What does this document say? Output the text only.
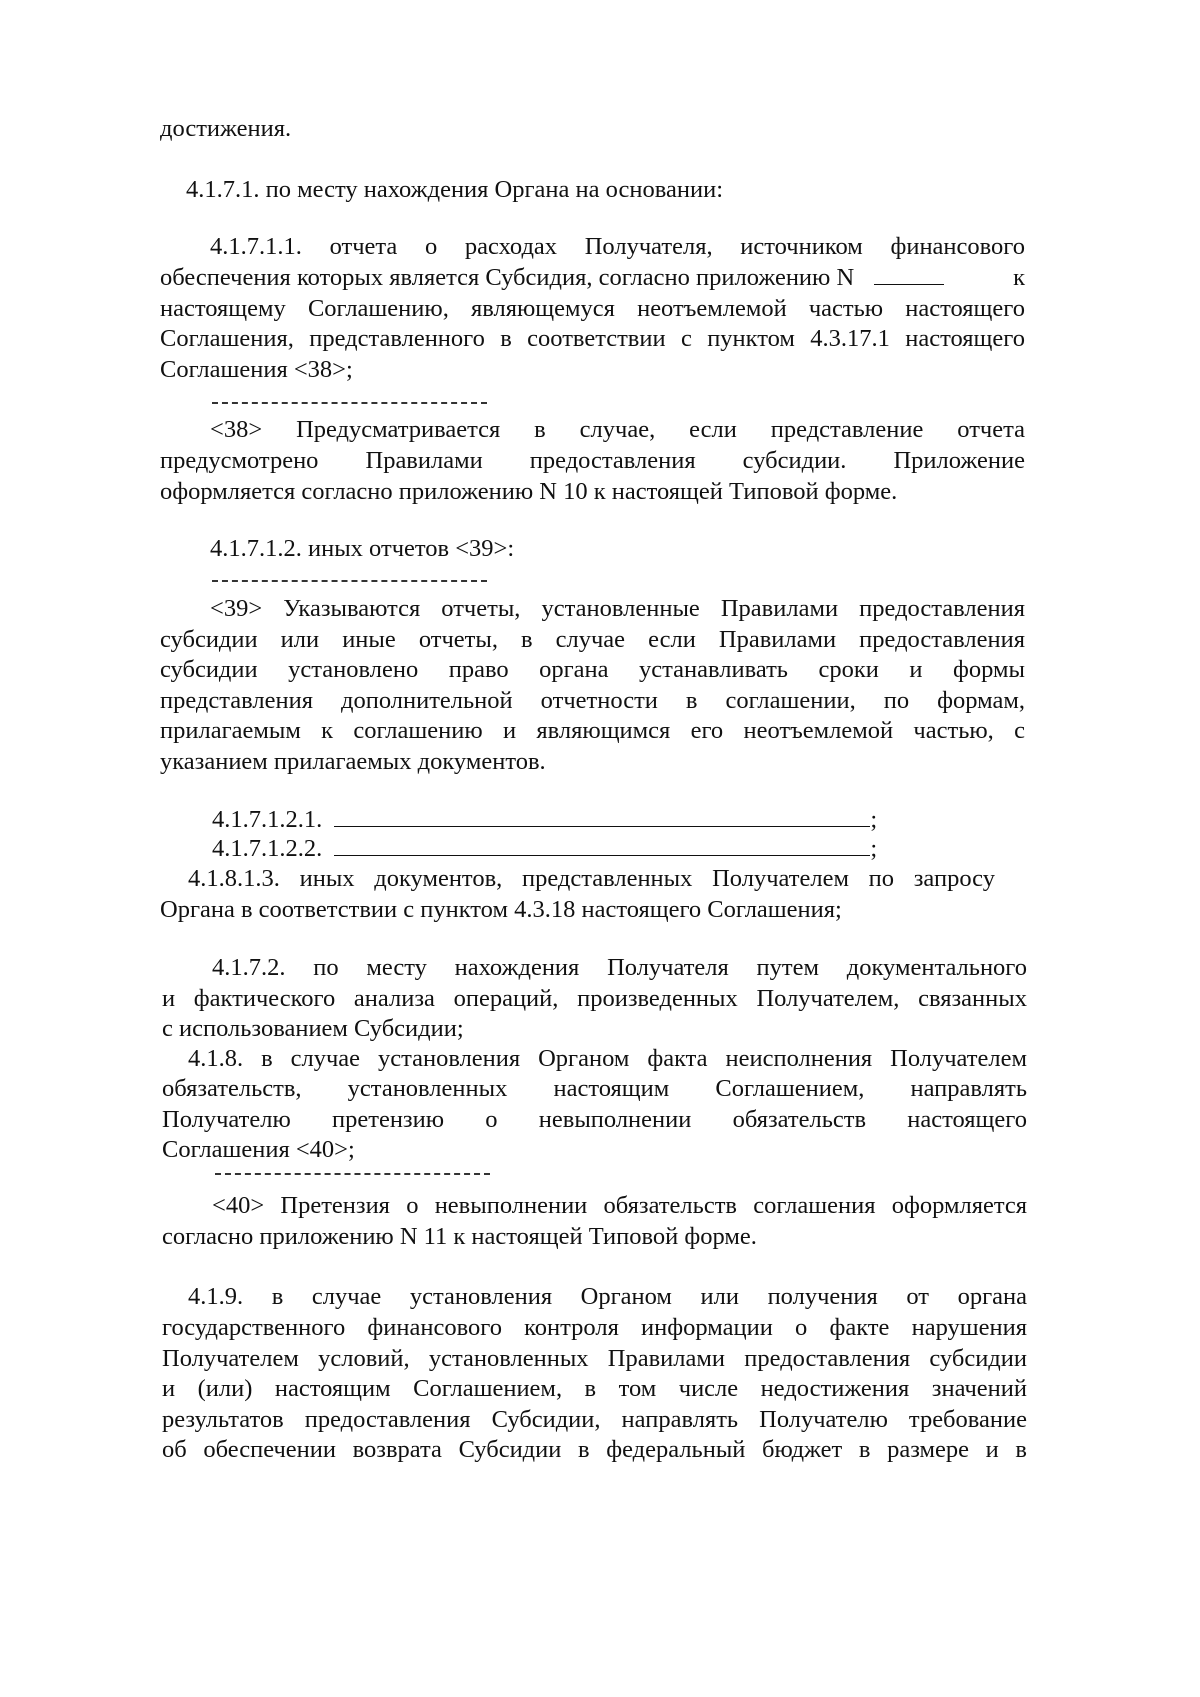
достижения.
4.1.7.1. по месту нахождения Органа на основании:
4.1.7.1.1. отчета о расходах Получателя, источником финансового
обеспечения которых является Субсидия, согласно приложению N	к
настоящему Соглашению, являющемуся неотъемлемой частью настоящего
Соглашения, представленного в соответствии с пунктом 4.3.17.1 настоящего
Соглашения <38>;
<38> Предусматривается в случае, если представление отчета
предусмотрено Правилами предоставления субсидии. Приложение
оформляется согласно приложению N 10 к настоящей Типовой форме.
4.1.7.1.2. иных отчетов <39>:
<39> Указываются отчеты, установленные Правилами предоставления
субсидии или иные отчеты, в случае если Правилами предоставления
субсидии установлено право органа устанавливать сроки и формы
представления дополнительной отчетности в соглашении, по формам,
прилагаемым к соглашению и являющимся его неотъемлемой частью, с
указанием прилагаемых документов.
4.1.7.1.2.1.	;
4.1.7.1.2.2.	;
4.1.8.1.3. иных документов, представленных Получателем по запросу
Органа в соответствии с пунктом 4.3.18 настоящего Соглашения;
4.1.7.2. по месту нахождения Получателя путем документального
и фактического анализа операций, произведенных Получателем, связанных
с использованием Субсидии;
4.1.8. в случае установления Органом факта неисполнения Получателем
обязательств, установленных настоящим Соглашением, направлять
Получателю претензию о невыполнении обязательств настоящего
Соглашения <40>;
<40> Претензия о невыполнении обязательств соглашения оформляется
согласно приложению N 11 к настоящей Типовой форме.
4.1.9. в случае установления Органом или получения от органа
государственного финансового контроля информации о факте нарушения
Получателем условий, установленных Правилами предоставления субсидии
и (или) настоящим Соглашением, в том числе недостижения значений
результатов предоставления Субсидии, направлять Получателю требование
об обеспечении возврата Субсидии в федеральный бюджет в размере и в
